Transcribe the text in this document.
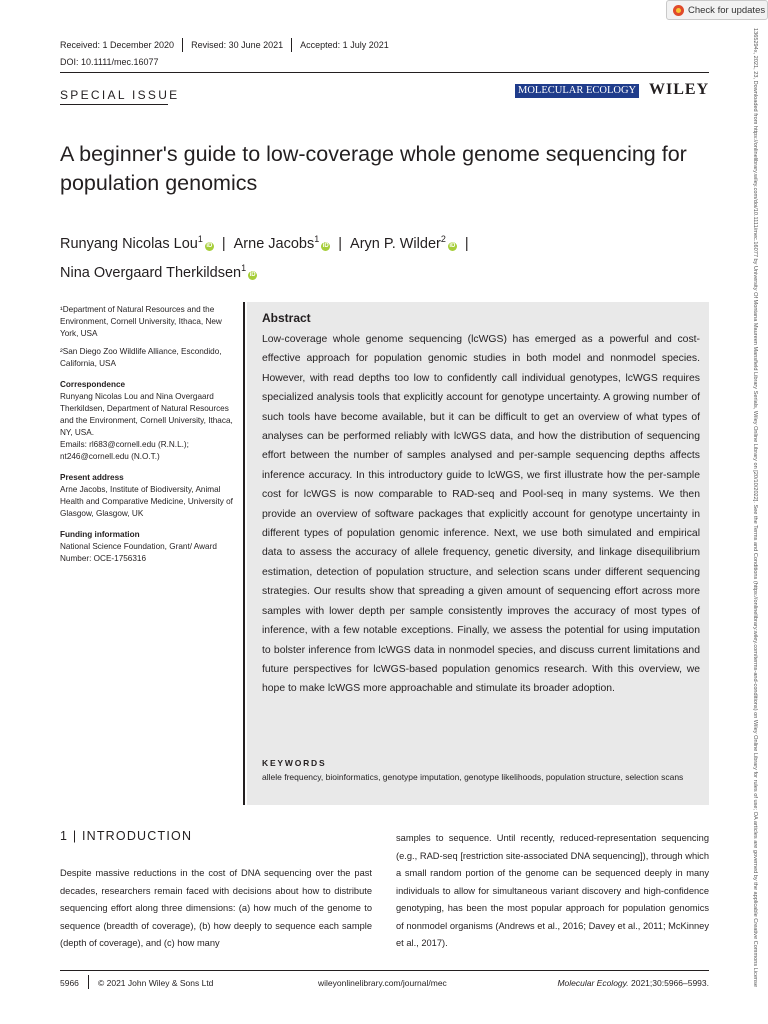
Check for updates
Received: 1 December 2020 Revised: 30 June 2021 Accepted: 1 July 2021
DOI: 10.1111/mec.16077
SPECIAL ISSUE	MOLECULAR ECOLOGY WILEY
A beginner's guide to low-coverage whole genome sequencing for population genomics
Runyang Nicolas Lou$^1$iD | Arne Jacobs$^1$iD | Aryn P. Wilder$^2$iD |
Nina Overgaard Therkildsen$^1$iD

¹Department of Natural Resources and the Environment, Cornell University, Ithaca, New York, USA

²San Diego Zoo Wildlife Alliance, Escondido, California, USA

Correspondence

Runyang Nicolas Lou and Nina Overgaard Therkildsen, Department of Natural Resources and the Environment, Cornell University, Ithaca, NY, USA.

Emails: rl683@cornell.edu (R.N.L.); nt246@cornell.edu (N.O.T.)

Present address

Arne Jacobs, Institute of Biodiversity, Animal Health and Comparative Medicine, University of Glasgow, Glasgow, UK

Funding information

National Science Foundation, Grant/ Award Number: OCE-1756316

Abstract

Low-coverage whole genome sequencing (lcWGS) has emerged as a powerful and cost-effective approach for population genomic studies in both model and nonmodel species. However, with read depths too low to confidently call individual genotypes, lcWGS requires specialized analysis tools that explicitly account for genotype uncertainty. A growing number of such tools have become available, but it can be difficult to get an overview of what types of analyses can be performed reliably with lcWGS data, and how the distribution of sequencing effort between the number of samples analysed and per-sample sequencing depths affects inference accuracy. In this introductory guide to lcWGS, we first illustrate how the per-sample cost for lcWGS is now comparable to RAD-seq and Pool-seq in many systems. We then provide an overview of software packages that explicitly account for genotype uncertainty in different types of population genomic inference. Next, we use both simulated and empirical data to assess the accuracy of allele frequency, genetic diversity, and linkage disequilibrium estimation, detection of population structure, and selection scans under different sequencing strategies. Our results show that spreading a given amount of sequencing effort across more samples with lower depth per sample consistently improves the accuracy of most types of inference, with a few notable exceptions. Finally, we assess the potential for using imputation to bolster inference from lcWGS data in nonmodel species, and discuss current limitations and future perspectives for lcWGS-based population genomics research. With this overview, we hope to make lcWGS more approachable and stimulate its broader adoption.

KEYWORDS
allele frequency, bioinformatics, genotype imputation, genotype likelihoods, population structure, selection scans
1 | INTRODUCTION

Despite massive reductions in the cost of DNA sequencing over the past decades, researchers remain faced with decisions about how to distribute sequencing effort along three dimensions: (a) how much of the genome to sequence (breadth of coverage), (b) how deeply to sequence each sample (depth of coverage), and (c) how many

samples to sequence. Until recently, reduced-representation sequencing (e.g., RAD-seq [restriction site-associated DNA sequencing]), through which a small random portion of the genome can be sequenced deeply in many individuals to allow for simultaneous variant discovery and high-confidence genotyping, has been the most popular approach for population genomics of nonmodel organisms (Andrews et al., 2016; Davey et al., 2011; McKinney et al., 2017).

5966 © 2021 John Wiley & Sons Ltd	wileyonlinelibrary.com/journal/mec	Molecular Ecology. 2021;30:5966–5993.	1365294x, 2021, 23, Downloaded from https://onlinelibrary.wiley.com/doi/10.1111/mec.16077 by University Of Montana Maureen Mansfield Library Serials, Wiley Online Library on [20/10/2022]. See the Terms and Conditions (https://onlinelibrary.wiley.com/terms-and-conditions) on Wiley Online Library for rules of use; OA articles are governed by the applicable Creative Commons License
